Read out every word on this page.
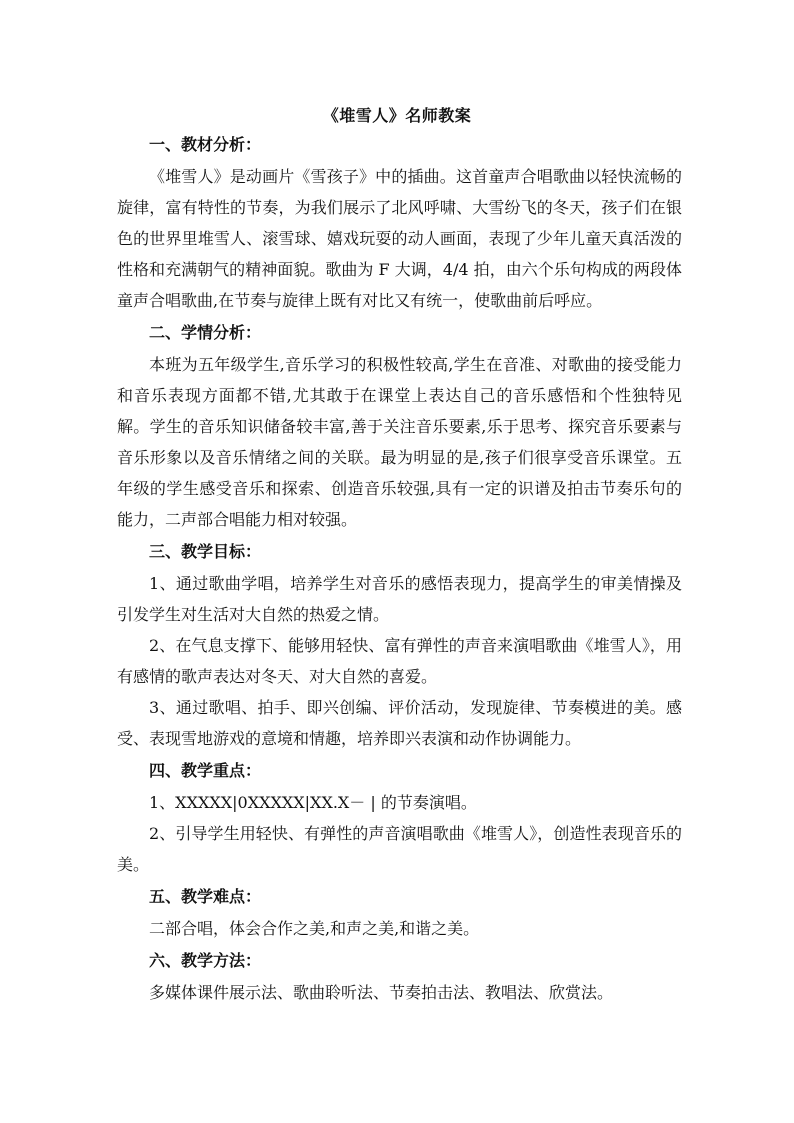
《堆雪人》名师教案
一、教材分析：

《堆雪人》是动画片《雪孩子》中的插曲。这首童声合唱歌曲以轻快流畅的旋律，富有特性的节奏，为我们展示了北风呼啸、大雪纷飞的冬天，孩子们在银色的世界里堆雪人、滚雪球、嬉戏玩耍的动人画面，表现了少年儿童天真活泼的性格和充满朝气的精神面貌。歌曲为 F 大调，4/4 拍，由六个乐句构成的两段体童声合唱歌曲,在节奏与旋律上既有对比又有统一，使歌曲前后呼应。

二、学情分析：

本班为五年级学生,音乐学习的积极性较高,学生在音准、对歌曲的接受能力和音乐表现方面都不错,尤其敢于在课堂上表达自己的音乐感悟和个性独特见解。学生的音乐知识储备较丰富,善于关注音乐要素,乐于思考、探究音乐要素与音乐形象以及音乐情绪之间的关联。最为明显的是,孩子们很享受音乐课堂。五年级的学生感受音乐和探索、创造音乐较强,具有一定的识谱及拍击节奏乐句的能力，二声部合唱能力相对较强。

三、教学目标：

1、通过歌曲学唱，培养学生对音乐的感悟表现力，提高学生的审美情操及引发学生对生活对大自然的热爱之情。

2、在气息支撑下、能够用轻快、富有弹性的声音来演唱歌曲《堆雪人》，用有感情的歌声表达对冬天、对大自然的喜爱。

3、通过歌唱、拍手、即兴创编、评价活动，发现旋律、节奏模进的美。感受、表现雪地游戏的意境和情趣，培养即兴表演和动作协调能力。

四、教学重点：

1、XXXXX|0XXXXX|XX.X－ | 的节奏演唱。

2、引导学生用轻快、有弹性的声音演唱歌曲《堆雪人》，创造性表现音乐的美。

五、教学难点：

二部合唱，体会合作之美,和声之美,和谐之美。

六、教学方法：

多媒体课件展示法、歌曲聆听法、节奏拍击法、教唱法、欣赏法。
